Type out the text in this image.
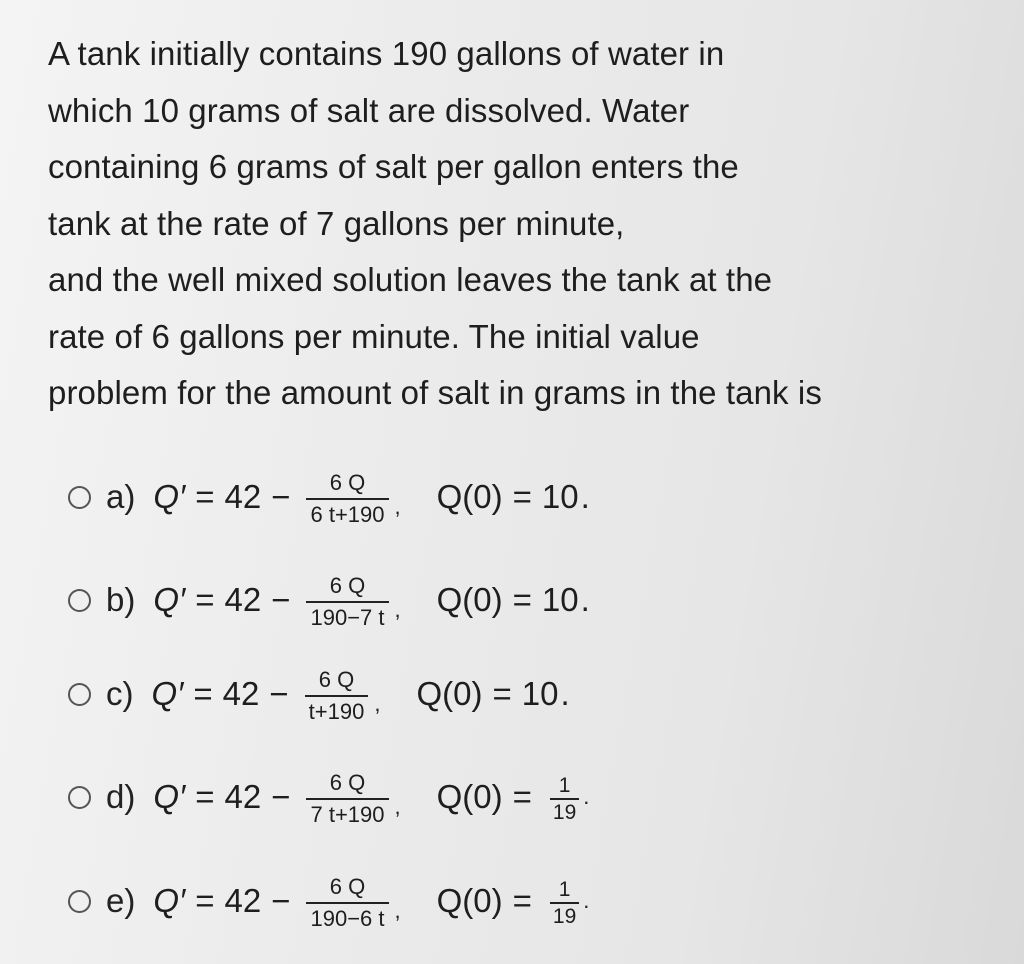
A tank initially contains 190 gallons of water in
which 10 grams of salt are dissolved. Water
containing 6 grams of salt per gallon enters the
tank at the rate of 7 gallons per minute,
and the well mixed solution leaves the tank at the
rate of 6 gallons per minute. The initial value
problem for the amount of salt in grams in the tank is
a) $Q' = 42 - \frac{6 Q}{6 t+190}$ , Q(0) = 10 .
b) $Q' = 42 - \frac{6 Q}{190-7 t}$ , Q(0) = 10 .
c) $Q' = 42 - \frac{6 Q}{t+190}$ , Q(0) = 10 .
d) $Q' = 42 - \frac{6 Q}{7 t+190}$ , $Q(0) = \frac{1}{19}$ .
e) $Q' = 42 - \frac{6 Q}{190-6 t}$ , $Q(0) = \frac{1}{19}$ .
